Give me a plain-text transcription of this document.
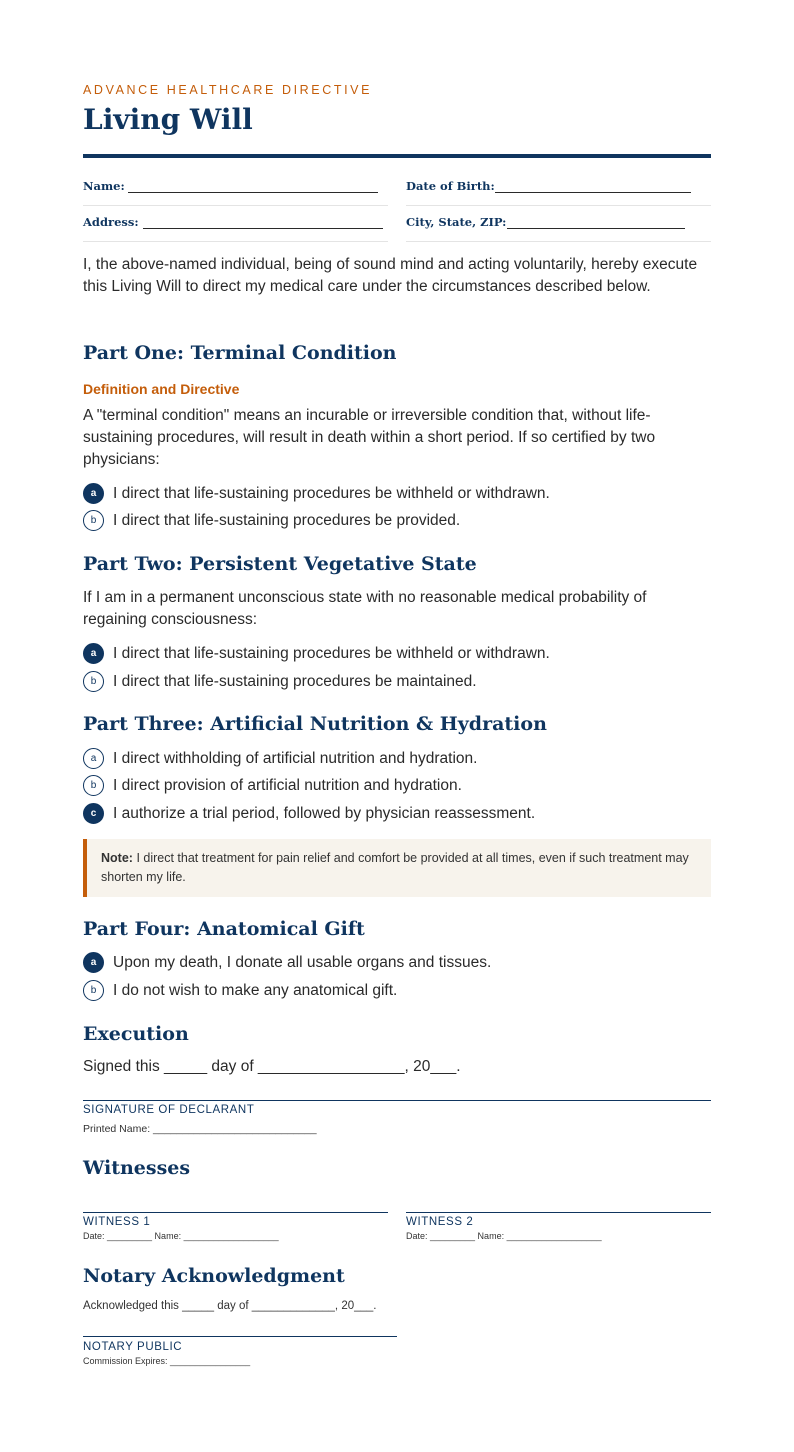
ADVANCE HEALTHCARE DIRECTIVE
Living Will
Name:	Date of Birth:
Address:	City, State, ZIP:
I, the above-named individual, being of sound mind and acting voluntarily, hereby execute this Living Will to direct my medical care under the circumstances described below.
Part One: Terminal Condition
Definition and Directive
A "terminal condition" means an incurable or irreversible condition that, without life-sustaining procedures, will result in death within a short period. If so certified by two physicians:
a	I direct that life-sustaining procedures be withheld or withdrawn.
b	I direct that life-sustaining procedures be provided.
Part Two: Persistent Vegetative State
If I am in a permanent unconscious state with no reasonable medical probability of regaining consciousness:
a	I direct that life-sustaining procedures be withheld or withdrawn.
b	I direct that life-sustaining procedures be maintained.
Part Three: Artificial Nutrition & Hydration
a	I direct withholding of artificial nutrition and hydration.
b	I direct provision of artificial nutrition and hydration.
c	I authorize a trial period, followed by physician reassessment.
Note: I direct that treatment for pain relief and comfort be provided at all times, even if such treatment may shorten my life.
Part Four: Anatomical Gift
a	Upon my death, I donate all usable organs and tissues.
b	I do not wish to make any anatomical gift.
Execution
Signed this _____ day of _________________, 20___.
SIGNATURE OF DECLARANT
Printed Name: ____________________________
Witnesses
WITNESS 1
Date: _________ Name: ___________________
WITNESS 2
Date: _________ Name: ___________________
Notary Acknowledgment
Acknowledged this _____ day of _____________, 20___.
NOTARY PUBLIC
Commission Expires: ________________
